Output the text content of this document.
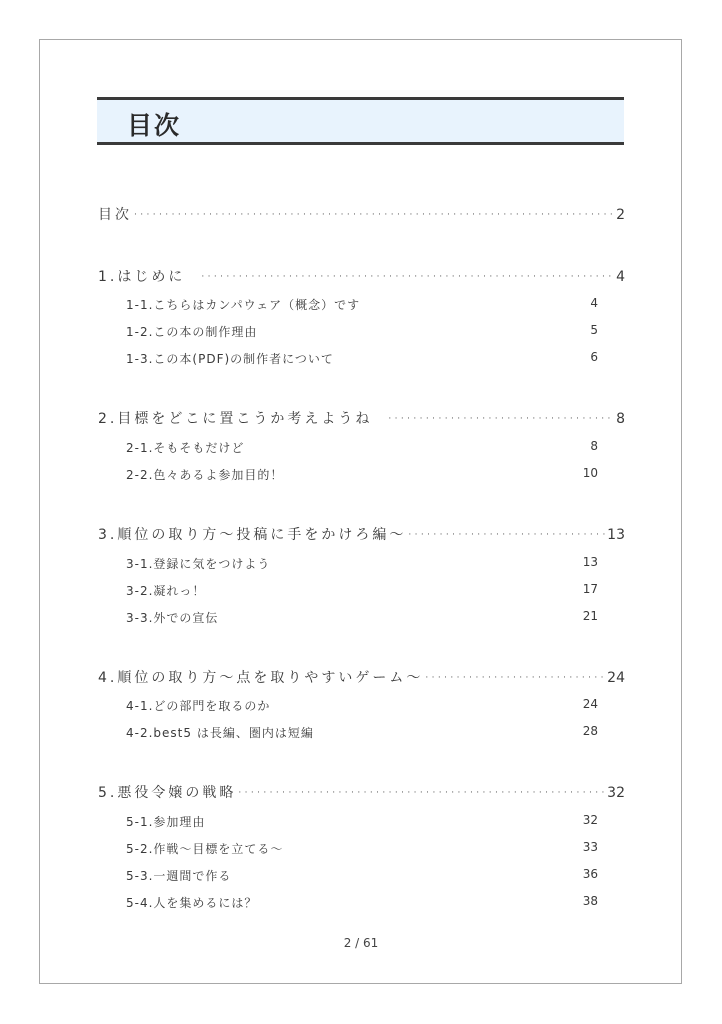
目次
目次 ·····	2
1.はじめに ·····	4
1-1.こちらはカンパウェア（概念）です	4
1-2.この本の制作理由	5
1-3.この本(PDF)の制作者について	6
2.目標をどこに置こうか考えようね ·····	8
2-1.そもそもだけど	8
2-2.色々あるよ参加目的！	10
3.順位の取り方～投稿に手をかけろ編～ ·····	13
3-1.登録に気をつけよう	13
3-2.凝れっ！	17
3-3.外での宣伝	21
4.順位の取り方～点を取りやすいゲーム～ ·····	24
4-1.どの部門を取るのか	24
4-2.best5 は長編、圏内は短編	28
5.悪役令嬢の戦略 ·····	32
5-1.参加理由	32
5-2.作戦～目標を立てる～	33
5-3.一週間で作る	36
5-4.人を集めるには？	38
2 / 61
